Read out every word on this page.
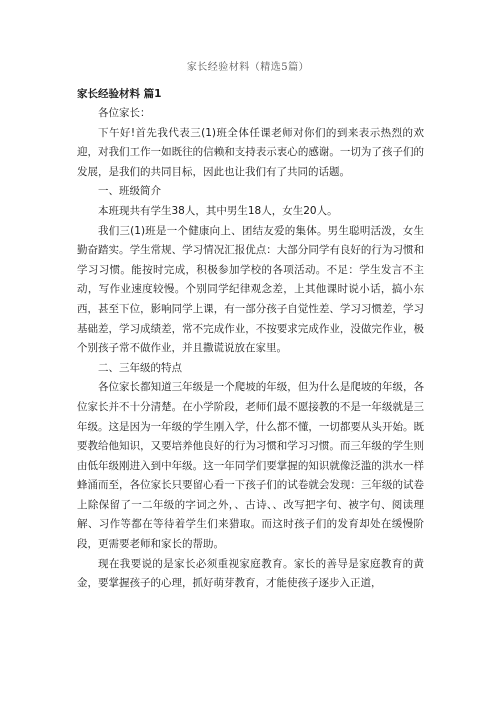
家长经验材料（精选5篇）

家长经验材料 篇1

各位家长：

下午好!首先我代表三(1)班全体任课老师对你们的到来表示热烈的欢迎，对我们工作一如既往的信赖和支持表示衷心的感谢。一切为了孩子们的发展，是我们的共同目标，因此也让我们有了共同的话题。

一、班级简介

本班现共有学生38人，其中男生18人，女生20人。

我们三(1)班是一个健康向上、团结友爱的集体。男生聪明活泼，女生勤奋踏实。学生常规、学习情况汇报优点：大部分同学有良好的行为习惯和学习习惯。能按时完成，积极参加学校的各项活动。不足：学生发言不主动，写作业速度较慢。个别同学纪律观念差，上其他课时说小话，搞小东西，甚至下位，影响同学上课，有一部分孩子自觉性差、学习习惯差，学习基础差，学习成绩差，常不完成作业，不按要求完成作业，没做完作业，极个别孩子常不做作业，并且撒谎说放在家里。

二、三年级的特点

各位家长都知道三年级是一个爬坡的年级，但为什么是爬坡的年级，各位家长并不十分清楚。在小学阶段，老师们最不愿接教的不是一年级就是三年级。这是因为一年级的学生刚入学，什么都不懂，一切都要从头开始。既要教给他知识，又要培养他良好的行为习惯和学习习惯。而三年级的学生则由低年级刚进入到中年级。这一年同学们要掌握的知识就像泛滥的洪水一样蜂涌而至，各位家长只要留心看一下孩子们的试卷就会发现：三年级的试卷上除保留了一二年级的字词之外，、古诗、、改写把字句、被字句、阅读理解、习作等都在等待着学生们来猎取。而这时孩子们的发育却处在缓慢阶段，更需要老师和家长的帮助。

现在我要说的是家长必须重视家庭教育。家长的善导是家庭教育的黄金，要掌握孩子的心理，抓好萌芽教育，才能使孩子逐步入正道，
